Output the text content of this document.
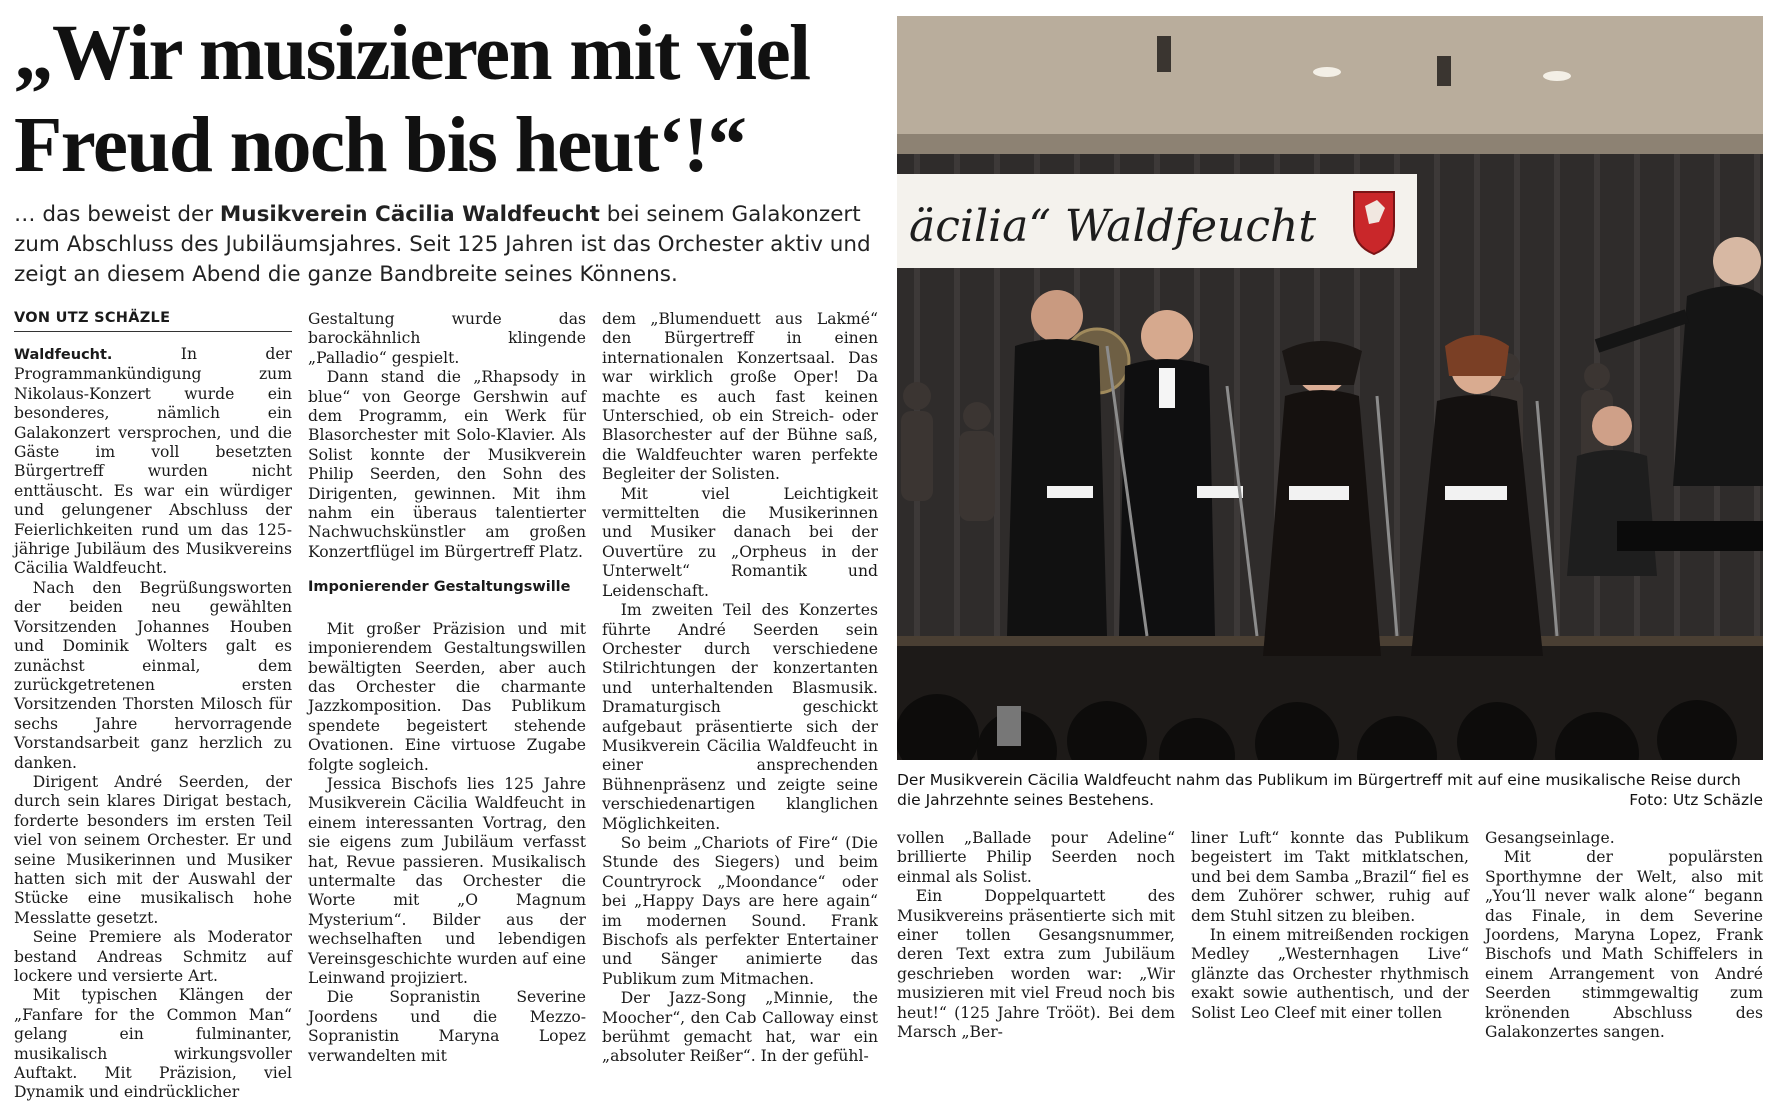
„Wir musizieren mit viel Freud noch bis heut‘!“

… das beweist der Musikverein Cäcilia Waldfeucht bei seinem Galakonzert zum Abschluss des Jubiläumsjahres. Seit 125 Jahren ist das Orchester aktiv und zeigt an diesem Abend die ganze Bandbreite seines Könnens.

VON UTZ SCHÄZLE

Waldfeucht. In der Programmankündigung zum Nikolaus-Konzert wurde ein besonderes, nämlich ein Galakonzert versprochen, und die Gäste im voll besetzten Bürgertreff wurden nicht enttäuscht. Es war ein würdiger und gelungener Abschluss der Feierlichkeiten rund um das 125-jährige Jubiläum des Musikvereins Cäcilia Waldfeucht.

Nach den Begrüßungsworten der beiden neu gewählten Vorsitzenden Johannes Houben und Dominik Wolters galt es zunächst einmal, dem zurückgetretenen ersten Vorsitzenden Thorsten Milosch für sechs Jahre hervorragende Vorstandsarbeit ganz herzlich zu danken.

Dirigent André Seerden, der durch sein klares Dirigat bestach, forderte besonders im ersten Teil viel von seinem Orchester. Er und seine Musikerinnen und Musiker hatten sich mit der Auswahl der Stücke eine musikalisch hohe Messlatte gesetzt.

Seine Premiere als Moderator bestand Andreas Schmitz auf lockere und versierte Art.

Mit typischen Klängen der „Fanfare for the Common Man“ gelang ein fulminanter, musikalisch wirkungsvoller Auftakt. Mit Präzision, viel Dynamik und eindrücklicher

Gestaltung wurde das barockähnlich klingende „Palladio“ gespielt.

Dann stand die „Rhapsody in blue“ von George Gershwin auf dem Programm, ein Werk für Blasorchester mit Solo-Klavier. Als Solist konnte der Musikverein Philip Seerden, den Sohn des Dirigenten, gewinnen. Mit ihm nahm ein überaus talentierter Nachwuchskünstler am großen Konzertflügel im Bürgertreff Platz.

Imponierender Gestaltungswille

Mit großer Präzision und mit imponierendem Gestaltungswillen bewältigten Seerden, aber auch das Orchester die charmante Jazzkomposition. Das Publikum spendete begeistert stehende Ovationen. Eine virtuose Zugabe folgte sogleich.

Jessica Bischofs lies 125 Jahre Musikverein Cäcilia Waldfeucht in einem interessanten Vortrag, den sie eigens zum Jubiläum verfasst hat, Revue passieren. Musikalisch untermalte das Orchester die Worte mit „O Magnum Mysterium“. Bilder aus der wechselhaften und lebendigen Vereinsgeschichte wurden auf eine Leinwand projiziert.

Die Sopranistin Severine Joordens und die Mezzo-Sopranistin Maryna Lopez verwandelten mit

dem „Blumenduett aus Lakmé“ den Bürgertreff in einen internationalen Konzertsaal. Das war wirklich große Oper! Da machte es auch fast keinen Unterschied, ob ein Streich- oder Blasorchester auf der Bühne saß, die Waldfeuchter waren perfekte Begleiter der Solisten.

Mit viel Leichtigkeit vermittelten die Musikerinnen und Musiker danach bei der Ouvertüre zu „Orpheus in der Unterwelt“ Romantik und Leidenschaft.

Im zweiten Teil des Konzertes führte André Seerden sein Orchester durch verschiedene Stilrichtungen der konzertanten und unterhaltenden Blasmusik. Dramaturgisch geschickt aufgebaut präsentierte sich der Musikverein Cäcilia Waldfeucht in einer ansprechenden Bühnenpräsenz und zeigte seine verschiedenartigen klanglichen Möglichkeiten.

So beim „Chariots of Fire“ (Die Stunde des Siegers) und beim Countryrock „Moondance“ oder bei „Happy Days are here again“ im modernen Sound. Frank Bischofs als perfekter Entertainer und Sänger animierte das Publikum zum Mitmachen.

Der Jazz-Song „Minnie, the Moocher“, den Cab Calloway einst berühmt gemacht hat, war ein „absoluter Reißer“. In der gefühl-

äcilia“ Waldfeucht
Der Musikverein Cäcilia Waldfeucht nahm das Publikum im Bürgertreff mit auf eine musikalische Reise durch die Jahrzehnte seines Bestehens.	Foto: Utz Schäzle

vollen „Ballade pour Adeline“ brillierte Philip Seerden noch einmal als Solist.

Ein Doppelquartett des Musikvereins präsentierte sich mit einer tollen Gesangsnummer, deren Text extra zum Jubiläum geschrieben worden war: „Wir musizieren mit viel Freud noch bis heut!“ (125 Jahre Trööt). Bei dem Marsch „Ber-

liner Luft“ konnte das Publikum begeistert im Takt mitklatschen, und bei dem Samba „Brazil“ fiel es dem Zuhörer schwer, ruhig auf dem Stuhl sitzen zu bleiben.

In einem mitreißenden rockigen Medley „Westernhagen Live“ glänzte das Orchester rhythmisch exakt sowie authentisch, und der Solist Leo Cleef mit einer tollen

Gesangseinlage.

Mit der populärsten Sporthymne der Welt, also mit „You‘ll never walk alone“ begann das Finale, in dem Severine Joordens, Maryna Lopez, Frank Bischofs und Math Schiffelers in einem Arrangement von André Seerden stimmgewaltig zum krönenden Abschluss des Galakonzertes sangen.
